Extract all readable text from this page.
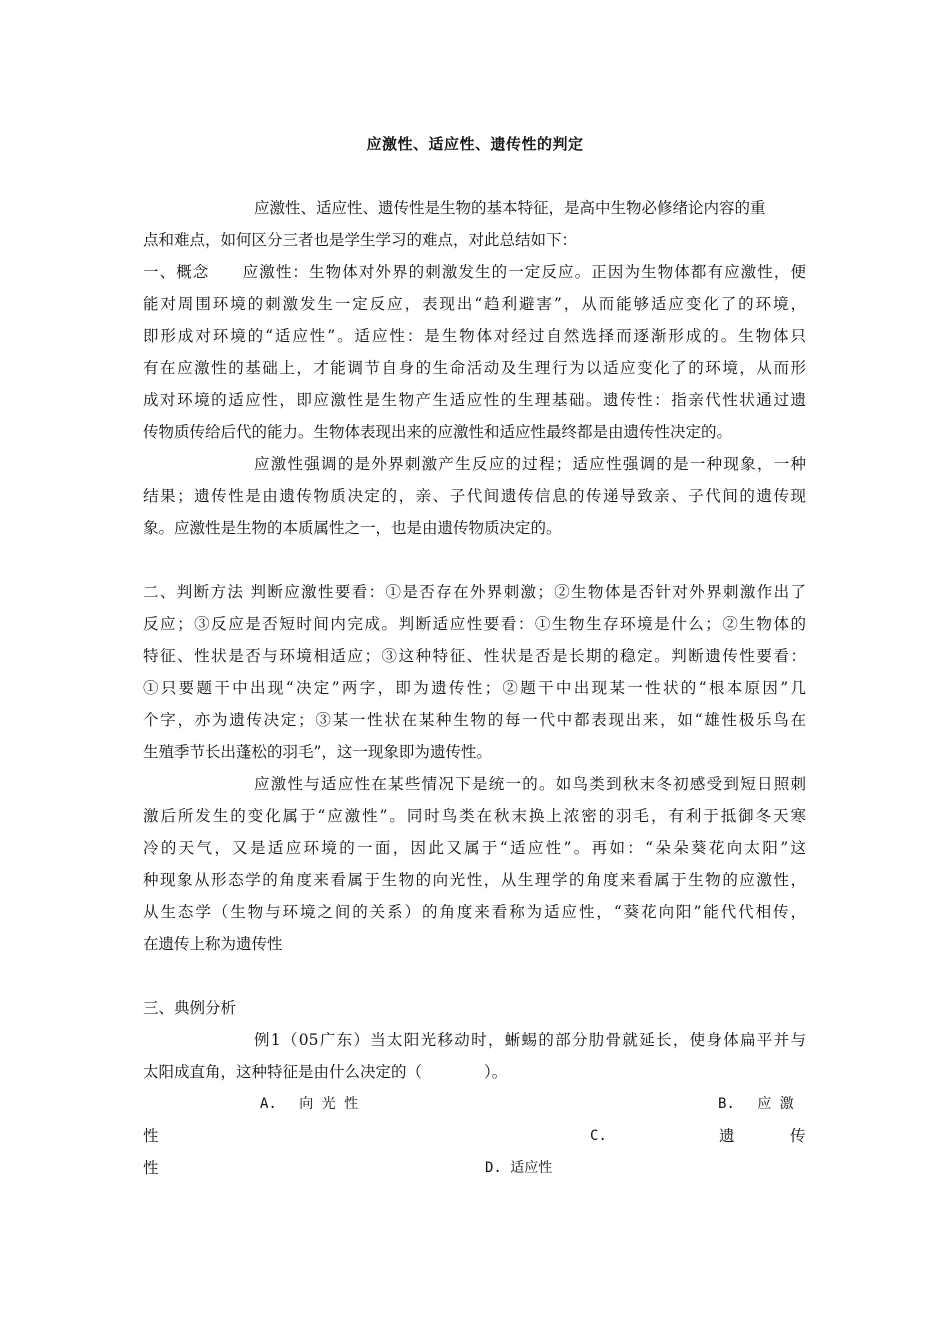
应激性、适应性、遗传性的判定
应激性、适应性、遗传性是生物的基本特征，是高中生物必修绪论内容的重
点和难点，如何区分三者也是学生学习的难点，对此总结如下：
一、概念　　应激性：生物体对外界的刺激发生的一定反应。正因为生物体都有应激性，便
能对周围环境的刺激发生一定反应，表现出“趋利避害”，从而能够适应变化了的环境，
即形成对环境的“适应性”。适应性：是生物体对经过自然选择而逐渐形成的。生物体只
有在应激性的基础上，才能调节自身的生命活动及生理行为以适应变化了的环境，从而形
成对环境的适应性，即应激性是生物产生适应性的生理基础。遗传性：指亲代性状通过遗
传物质传给后代的能力。生物体表现出来的应激性和适应性最终都是由遗传性决定的。
应激性强调的是外界刺激产生反应的过程；适应性强调的是一种现象，一种
结果；遗传性是由遗传物质决定的，亲、子代间遗传信息的传递导致亲、子代间的遗传现
象。应激性是生物的本质属性之一，也是由遗传物质决定的。
二、判断方法 判断应激性要看：①是否存在外界刺激；②生物体是否针对外界刺激作出了
反应；③反应是否短时间内完成。判断适应性要看：①生物生存环境是什么；②生物体的
特征、性状是否与环境相适应；③这种特征、性状是否是长期的稳定。判断遗传性要看：
①只要题干中出现“决定”两字，即为遗传性；②题干中出现某一性状的“根本原因”几
个字，亦为遗传决定；③某一性状在某种生物的每一代中都表现出来，如“雄性极乐鸟在
生殖季节长出蓬松的羽毛”，这一现象即为遗传性。
应激性与适应性在某些情况下是统一的。如鸟类到秋末冬初感受到短日照刺
激后所发生的变化属于“应激性”。同时鸟类在秋末换上浓密的羽毛，有利于抵御冬天寒
冷的天气，又是适应环境的一面，因此又属于“适应性”。再如：“朵朵葵花向太阳”这
种现象从形态学的角度来看属于生物的向光性，从生理学的角度来看属于生物的应激性，
从生态学（生物与环境之间的关系）的角度来看称为适应性，“葵花向阳”能代代相传，
在遗传上称为遗传性
三、典例分析
例1（05广东）当太阳光移动时，蜥蜴的部分肋骨就延长，使身体扁平并与
太阳成直角，这种特征是由什么决定的（　　　　）。
A.　 向 光 性	B.　 应 激
性	C.	遗	传
性	D. 适应性
